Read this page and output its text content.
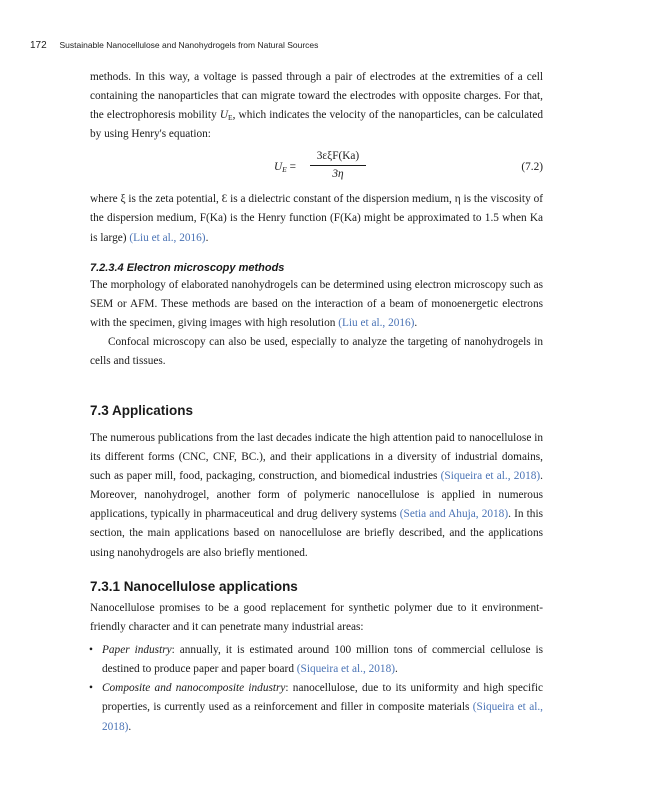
172 Sustainable Nanocellulose and Nanohydrogels from Natural Sources

methods. In this way, a voltage is passed through a pair of electrodes at the extremities of a cell containing the nanoparticles that can migrate toward the electrodes with opposite charges. For that, the electrophoresis mobility $U_E$, which indicates the velocity of the nanoparticles, can be calculated by using Henry's equation:

$U_E$ =
3εξF(Ka)
3η
(7.2)

where ξ is the zeta potential, Ɛ is a dielectric constant of the dispersion medium, η is the viscosity of the dispersion medium, F(Ka) is the Henry function (F(Ka) might be approximated to 1.5 when Ka is large) (Liu et al., 2016).

7.2.3.4 Electron microscopy methods

The morphology of elaborated nanohydrogels can be determined using electron microscopy such as SEM or AFM. These methods are based on the interaction of a beam of monoenergetic electrons with the specimen, giving images with high resolution (Liu et al., 2016).

Confocal microscopy can also be used, especially to analyze the targeting of nanohydrogels in cells and tissues.

7.3 Applications

The numerous publications from the last decades indicate the high attention paid to nanocellulose in its different forms (CNC, CNF, BC.), and their applications in a diversity of industrial domains, such as paper mill, food, packaging, construction, and biomedical industries (Siqueira et al., 2018). Moreover, nanohydrogel, another form of polymeric nanocellulose is applied in numerous applications, typically in pharmaceutical and drug delivery systems (Setia and Ahuja, 2018). In this section, the main applications based on nanocellulose are briefly described, and the applications using nanohydrogels are also briefly mentioned.

7.3.1 Nanocellulose applications

Nanocellulose promises to be a good replacement for synthetic polymer due to it environment-friendly character and it can penetrate many industrial areas:

• Paper industry: annually, it is estimated around 100 million tons of commercial cellulose is destined to produce paper and paper board (Siqueira et al., 2018).
• Composite and nanocomposite industry: nanocellulose, due to its uniformity and high specific properties, is currently used as a reinforcement and filler in composite materials (Siqueira et al., 2018).
